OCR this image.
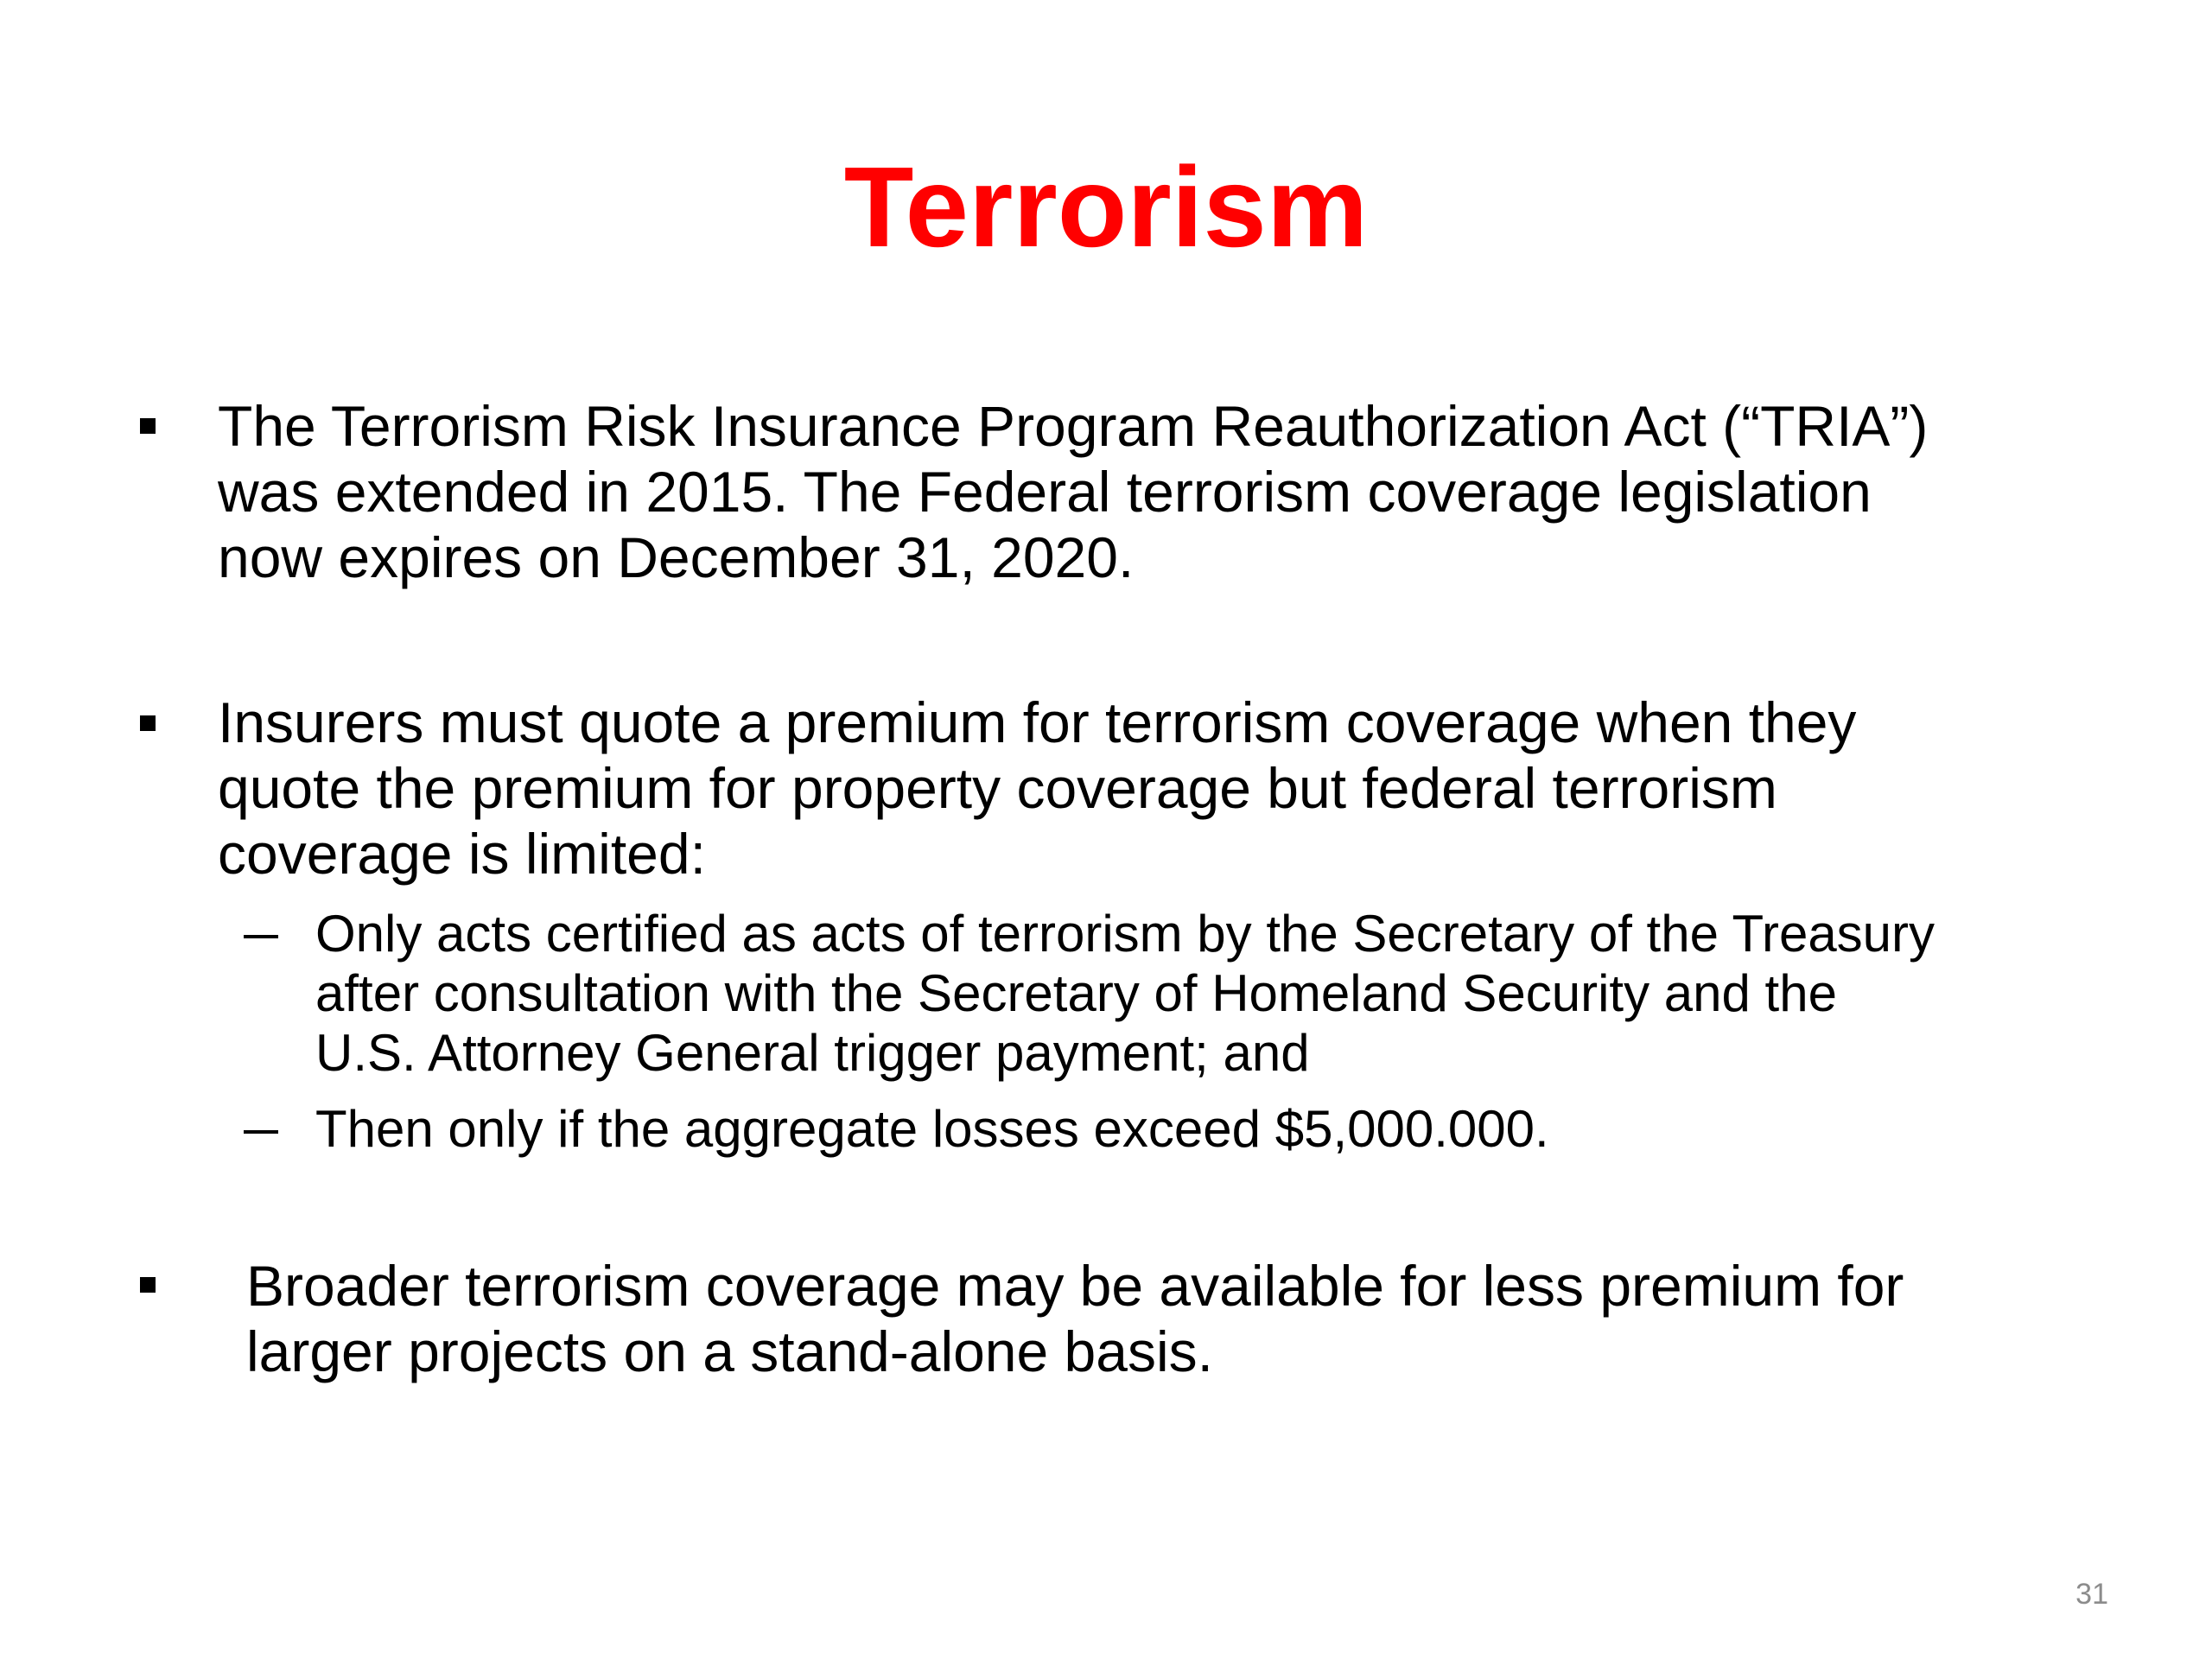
Terrorism
The Terrorism Risk Insurance Program Reauthorization Act (“TRIA”)
was extended in 2015. The Federal terrorism coverage legislation
now expires on December 31, 2020.
Insurers must quote a premium for terrorism coverage when they
quote the premium for property coverage but federal terrorism
coverage is limited:
Only acts certified as acts of terrorism by the Secretary of the Treasury
after consultation with the Secretary of Homeland Security and the
U.S. Attorney General trigger payment; and
Then only if the aggregate losses exceed $5,000.000.
Broader terrorism coverage may be available for less premium for
larger projects on a stand-alone basis.
31
